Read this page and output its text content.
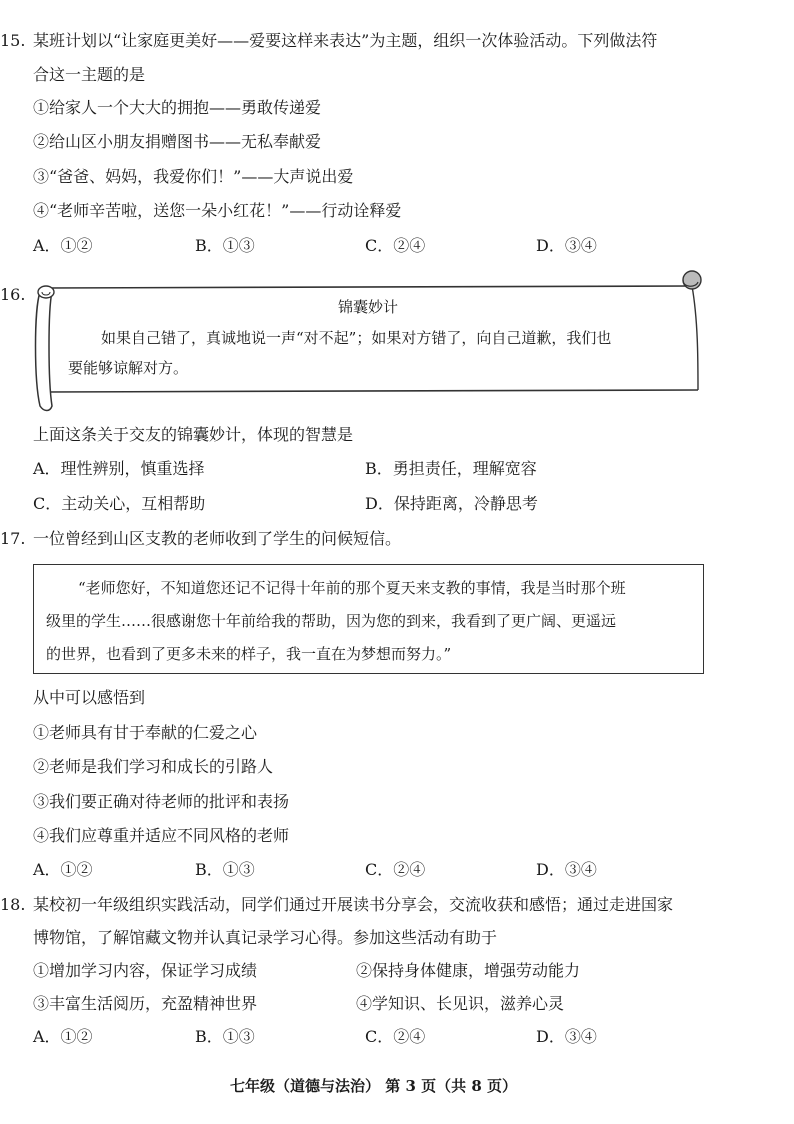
15. 某班计划以“让家庭更美好——爱要这样来表达”为主题，组织一次体验活动。下列做法符
合这一主题的是
①给家人一个大大的拥抱——勇敢传递爱
②给山区小朋友捐赠图书——无私奉献爱
③“爸爸、妈妈，我爱你们！”——大声说出爱
④“老师辛苦啦，送您一朵小红花！”——行动诠释爱
A．①②	B．①③	C．②④	D．③④
16.
锦囊妙计
如果自己错了，真诚地说一声“对不起”；如果对方错了，向自己道歉，我们也
要能够谅解对方。
上面这条关于交友的锦囊妙计，体现的智慧是
A．理性辨别，慎重选择	B．勇担责任，理解宽容
C．主动关心，互相帮助	D．保持距离，冷静思考
17. 一位曾经到山区支教的老师收到了学生的问候短信。
“老师您好，不知道您还记不记得十年前的那个夏天来支教的事情，我是当时那个班
级里的学生……很感谢您十年前给我的帮助，因为您的到来，我看到了更广阔、更遥远
的世界，也看到了更多未来的样子，我一直在为梦想而努力。”
从中可以感悟到
①老师具有甘于奉献的仁爱之心
②老师是我们学习和成长的引路人
③我们要正确对待老师的批评和表扬
④我们应尊重并适应不同风格的老师
A．①②	B．①③	C．②④	D．③④
18. 某校初一年级组织实践活动，同学们通过开展读书分享会，交流收获和感悟；通过走进国家
博物馆，了解馆藏文物并认真记录学习心得。参加这些活动有助于
①增加学习内容，保证学习成绩	②保持身体健康，增强劳动能力
③丰富生活阅历，充盈精神世界	④学知识、长见识，滋养心灵
A．①②	B．①③	C．②④	D．③④
七年级（道德与法治） 第 3 页（共 8 页）
